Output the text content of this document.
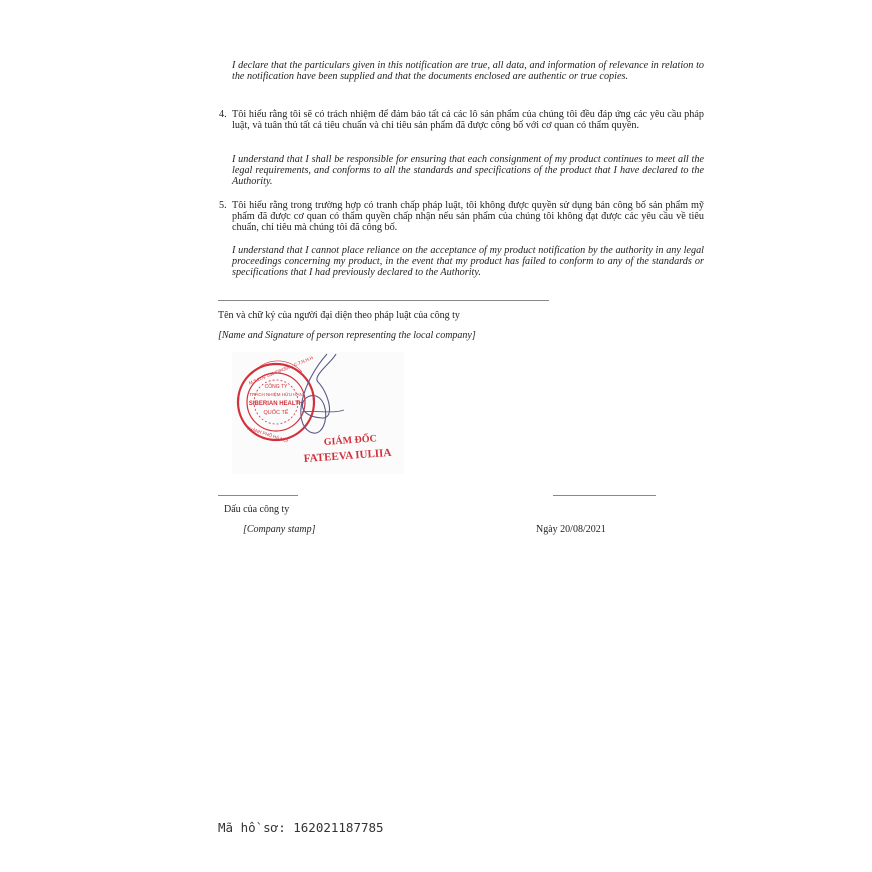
I declare that the particulars given in this notification are true, all data, and information of relevance in relation to the notification have been supplied and that the documents enclosed are authentic or true copies.

4. Tôi hiểu rằng tôi sẽ có trách nhiệm để đảm bảo tất cả các lô sản phẩm của chúng tôi đều đáp ứng các yêu cầu pháp luật, và tuân thủ tất cả tiêu chuẩn và chỉ tiêu sản phẩm đã được công bố với cơ quan có thẩm quyền.

I understand that I shall be responsible for ensuring that each consignment of my product continues to meet all the legal requirements, and conforms to all the standards and specifications of the product that I have declared to the Authority.

5. Tôi hiểu rằng trong trường hợp có tranh chấp pháp luật, tôi không được quyền sử dụng bản công bố sản phẩm mỹ phẩm đã được cơ quan có thẩm quyền chấp nhận nếu sản phẩm của chúng tôi không đạt được các yêu cầu về tiêu chuẩn, chỉ tiêu mà chúng tôi đã công bố.

I understand that I cannot place reliance on the acceptance of my product notification by the authority in any legal proceedings concerning my product, in the event that my product has failed to conform to any of the standards or specifications that I had previously declared to the Authority.

Tên và chữ ký của người đại diện theo pháp luật của công ty
[Name and Signature of person representing the local company]
CÔNG TY
TRÁCH NHIỆM HỮU HẠN
SIBERIAN HEALTH
QUỐC TẾ
M.S.D.N: 0304084300 - C.T.N.H.H
THÀNH PHỐ HÀ NỘI	GIÁM ĐỐC
FATEEVA IULIIA
Dấu của công ty
[Company stamp]	Ngày 20/08/2021
Mã hồ sơ: 162021187785
